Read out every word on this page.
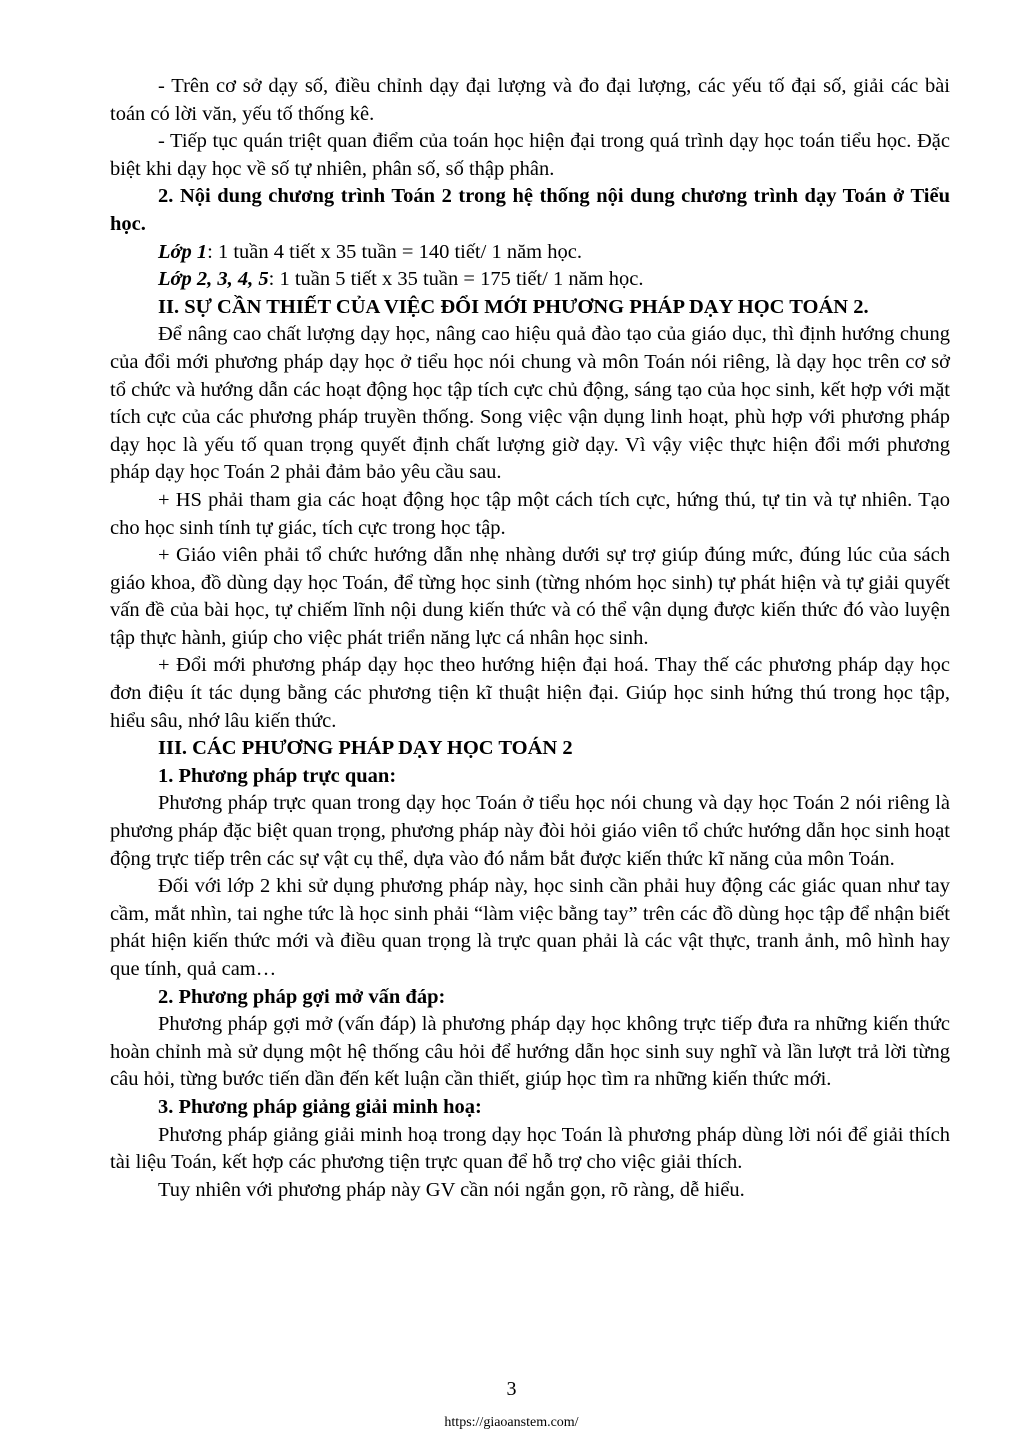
- Trên cơ sở dạy số, điều chỉnh dạy đại lượng và đo đại lượng, các yếu tố đại số, giải các bài toán có lời văn, yếu tố thống kê.

- Tiếp tục quán triệt quan điểm của toán học hiện đại trong quá trình dạy học toán tiểu học. Đặc biệt khi dạy học về số tự nhiên, phân số, số thập phân.

2. Nội dung chương trình Toán 2 trong hệ thống nội dung chương trình dạy Toán ở Tiểu học.

Lớp 1: 1 tuần 4 tiết x 35 tuần = 140 tiết/ 1 năm học.

Lớp 2, 3, 4, 5: 1 tuần 5 tiết x 35 tuần = 175 tiết/ 1 năm học.

II. SỰ CẦN THIẾT CỦA VIỆC ĐỔI MỚI PHƯƠNG PHÁP DẠY HỌC TOÁN 2.

Để nâng cao chất lượng dạy học, nâng cao hiệu quả đào tạo của giáo dục, thì định hướng chung của đổi mới phương pháp dạy học ở tiểu học nói chung và môn Toán nói riêng, là dạy học trên cơ sở tổ chức và hướng dẫn các hoạt động học tập tích cực chủ động, sáng tạo của học sinh, kết hợp với mặt tích cực của các phương pháp truyền thống. Song việc vận dụng linh hoạt, phù hợp với phương pháp dạy học là yếu tố quan trọng quyết định chất lượng giờ dạy. Vì vậy việc thực hiện đổi mới phương pháp dạy học Toán 2 phải đảm bảo yêu cầu sau.

+ HS phải tham gia các hoạt động học tập một cách tích cực, hứng thú, tự tin và tự nhiên. Tạo cho học sinh tính tự giác, tích cực trong học tập.

+ Giáo viên phải tổ chức hướng dẫn nhẹ nhàng dưới sự trợ giúp đúng mức, đúng lúc của sách giáo khoa, đồ dùng dạy học Toán, để từng học sinh (từng nhóm học sinh) tự phát hiện và tự giải quyết vấn đề của bài học, tự chiếm lĩnh nội dung kiến thức và có thể vận dụng được kiến thức đó vào luyện tập thực hành, giúp cho việc phát triển năng lực cá nhân học sinh.

+ Đổi mới phương pháp dạy học theo hướng hiện đại hoá. Thay thế các phương pháp dạy học đơn điệu ít tác dụng bằng các phương tiện kĩ thuật hiện đại. Giúp học sinh hứng thú trong học tập, hiểu sâu, nhớ lâu kiến thức.

III. CÁC PHƯƠNG PHÁP DẠY HỌC TOÁN 2

1. Phương pháp trực quan:

Phương pháp trực quan trong dạy học Toán ở tiểu học nói chung và dạy học Toán 2 nói riêng là phương pháp đặc biệt quan trọng, phương pháp này đòi hỏi giáo viên tổ chức hướng dẫn học sinh hoạt động trực tiếp trên các sự vật cụ thể, dựa vào đó nắm bắt được kiến thức kĩ năng của môn Toán.

Đối với lớp 2 khi sử dụng phương pháp này, học sinh cần phải huy động các giác quan như tay cầm, mắt nhìn, tai nghe tức là học sinh phải “làm việc bằng tay” trên các đồ dùng học tập để nhận biết phát hiện kiến thức mới và điều quan trọng là trực quan phải là các vật thực, tranh ảnh, mô hình hay que tính, quả cam…

2. Phương pháp gợi mở vấn đáp:

Phương pháp gợi mở (vấn đáp) là phương pháp dạy học không trực tiếp đưa ra những kiến thức hoàn chỉnh mà sử dụng một hệ thống câu hỏi để hướng dẫn học sinh suy nghĩ và lần lượt trả lời từng câu hỏi, từng bước tiến dần đến kết luận cần thiết, giúp học tìm ra những kiến thức mới.

3. Phương pháp giảng giải minh hoạ:

Phương pháp giảng giải minh hoạ trong dạy học Toán là phương pháp dùng lời nói để giải thích tài liệu Toán, kết hợp các phương tiện trực quan để hỗ trợ cho việc giải thích.

Tuy nhiên với phương pháp này GV cần nói ngắn gọn, rõ ràng, dễ hiểu.

3
https://giaoanstem.com/
